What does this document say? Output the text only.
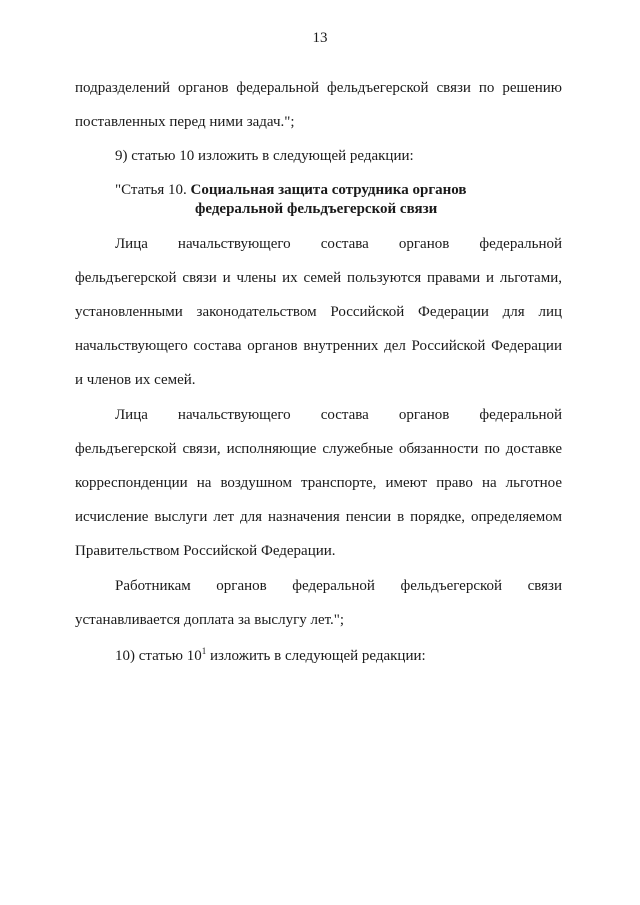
13
подразделений органов федеральной фельдъегерской связи по решению
поставленных перед ними задач.";
9) статью 10 изложить в следующей редакции:
"Статья 10. Социальная защита сотрудника органов
федеральной фельдъегерской связи
Лица начальствующего состава органов федеральной
фельдъегерской связи и члены их семей пользуются правами и льготами,
установленными законодательством Российской Федерации для лиц
начальствующего состава органов внутренних дел Российской Федерации
и членов их семей.
Лица начальствующего состава органов федеральной
фельдъегерской связи, исполняющие служебные обязанности по доставке
корреспонденции на воздушном транспорте, имеют право на льготное
исчисление выслуги лет для назначения пенсии в порядке, определяемом
Правительством Российской Федерации.
Работникам органов федеральной фельдъегерской связи
устанавливается доплата за выслугу лет.";
10) статью $10^1$ изложить в следующей редакции:
